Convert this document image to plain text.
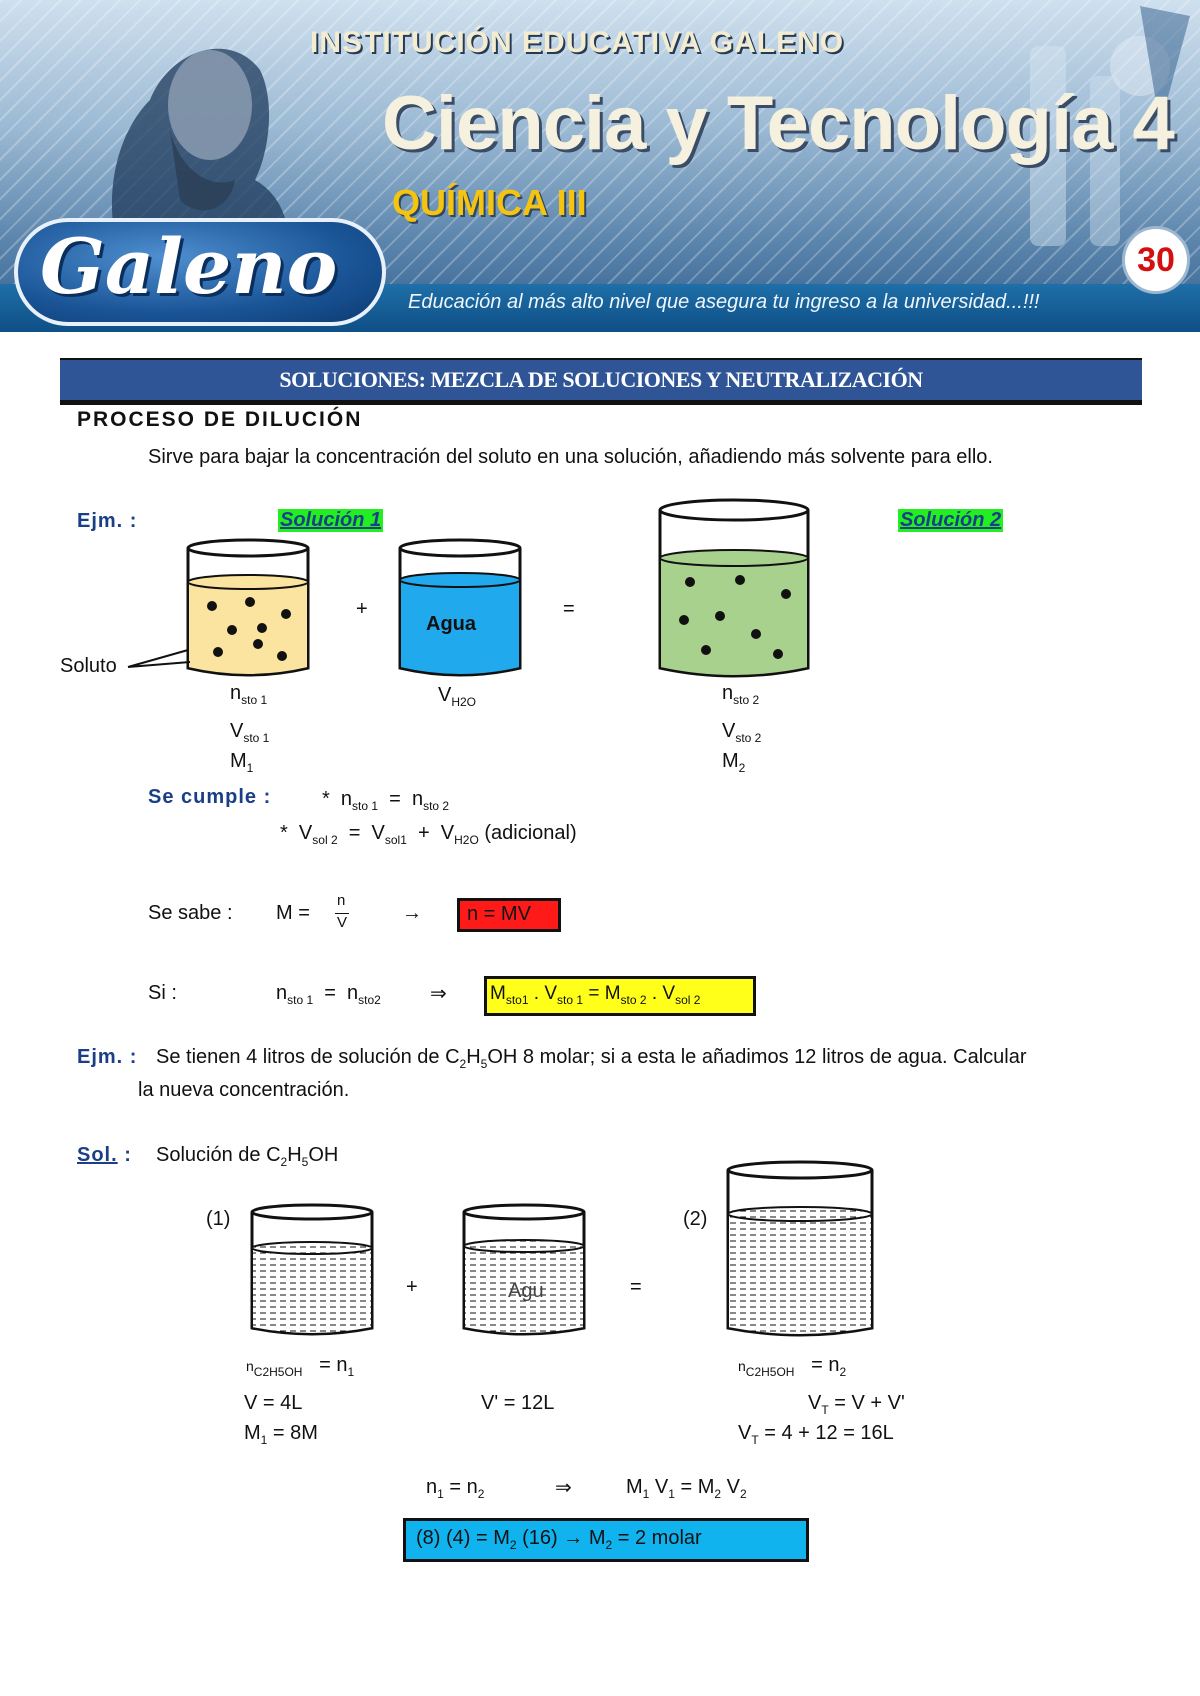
INSTITUCIÓN EDUCATIVA GALENO
Ciencia y Tecnología 4
QUÍMICA III
Galeno	Educación al más alto nivel que asegura tu ingreso a la universidad...!!!
30
SOLUCIONES: MEZCLA DE SOLUCIONES Y NEUTRALIZACIÓN
PROCESO DE DILUCIÓN
Sirve para bajar la concentración del soluto en una solución, añadiendo más solvente para ello.
Ejm. :	Solución 1	Solución 2
Soluto
Agua
+	=
$n_{sto 1}$	$V_{H2O}$	$n_{sto 2}$
$V_{sto 1}$	$V_{sto 2}$
$M_1$	$M_2$
Se cumple :	* $n_{sto 1} = n_{sto 2}$
* $V_{sol 2} = V_{sol1} + V_{H2O}$ (adicional)
Se sabe : M =
n
V	→ n = MV
Si :	$n_{sto 1} = n_{sto2}$ ⇒ $M_{sto1}$ . $V_{sto 1} = M_{sto 2}$ . $V_{sol 2}$
Ejm. : Se tienen 4 litros de solución de $C_2H_5OH$ 8 molar; si a esta le añadimos 12 litros de agua. Calcular
la nueva concentración.
Sol. : Solución de $C_2H_5OH$
(1)	(2)
+	=
Agu
$n_{C2H5OH} = n_1$	$n_{C2H5OH} = n_2$
V = 4L	V' = 12L	$V_T = V + V'$
$M_1 = 8M$	$V_T = 4 + 12 = 16L$
$n_1 = n_2$	⇒	$M_1$ $V_1 = M_2$ $V_2$
(8) $(4) = M_2$ $(16) \to M_2 = 2$ molar
